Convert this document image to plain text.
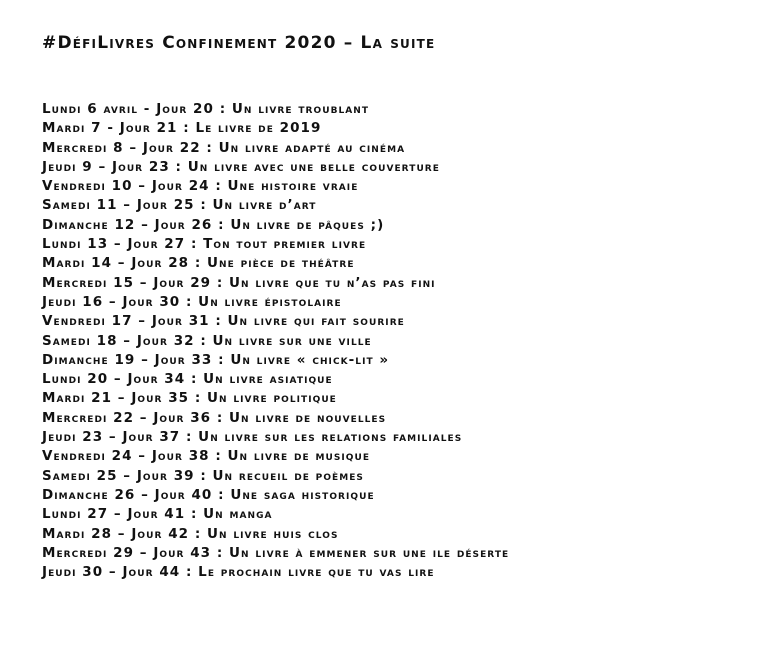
#DéfiLivres Confinement 2020 – La suite
Lundi 6 avril - Jour 20 : Un livre troublant
Mardi 7 - Jour 21 : Le livre de 2019
Mercredi 8 – Jour 22 : Un livre adapté au cinéma
Jeudi 9 – Jour 23 : Un livre avec une belle couverture
Vendredi 10 – Jour 24 : Une histoire vraie
Samedi 11 – Jour 25 : Un livre d’art
Dimanche 12 – Jour 26 : Un livre de pâques ;)
Lundi 13 – Jour 27 : Ton tout premier livre
Mardi 14 – Jour 28 : Une pièce de théâtre
Mercredi 15 – Jour 29 : Un livre que tu n’as pas fini
Jeudi 16 – Jour 30 : Un livre épistolaire
Vendredi 17 – Jour 31 : Un livre qui fait sourire
Samedi 18 – Jour 32 : Un livre sur une ville
Dimanche 19 – Jour 33 : Un livre « chick-lit »
Lundi 20 – Jour 34 : Un livre asiatique
Mardi 21 – Jour 35 : Un livre politique
Mercredi 22 – Jour 36 : Un livre de nouvelles
Jeudi 23 – Jour 37 : Un livre sur les relations familiales
Vendredi 24 – Jour 38 : Un livre de musique
Samedi 25 – Jour 39 : Un recueil de poèmes
Dimanche 26 – Jour 40 : Une saga historique
Lundi 27 – Jour 41 : Un manga
Mardi 28 – Jour 42 : Un livre huis clos
Mercredi 29 – Jour 43 : Un livre à emmener sur une ile déserte
Jeudi 30 – Jour 44 : Le prochain livre que tu vas lire
